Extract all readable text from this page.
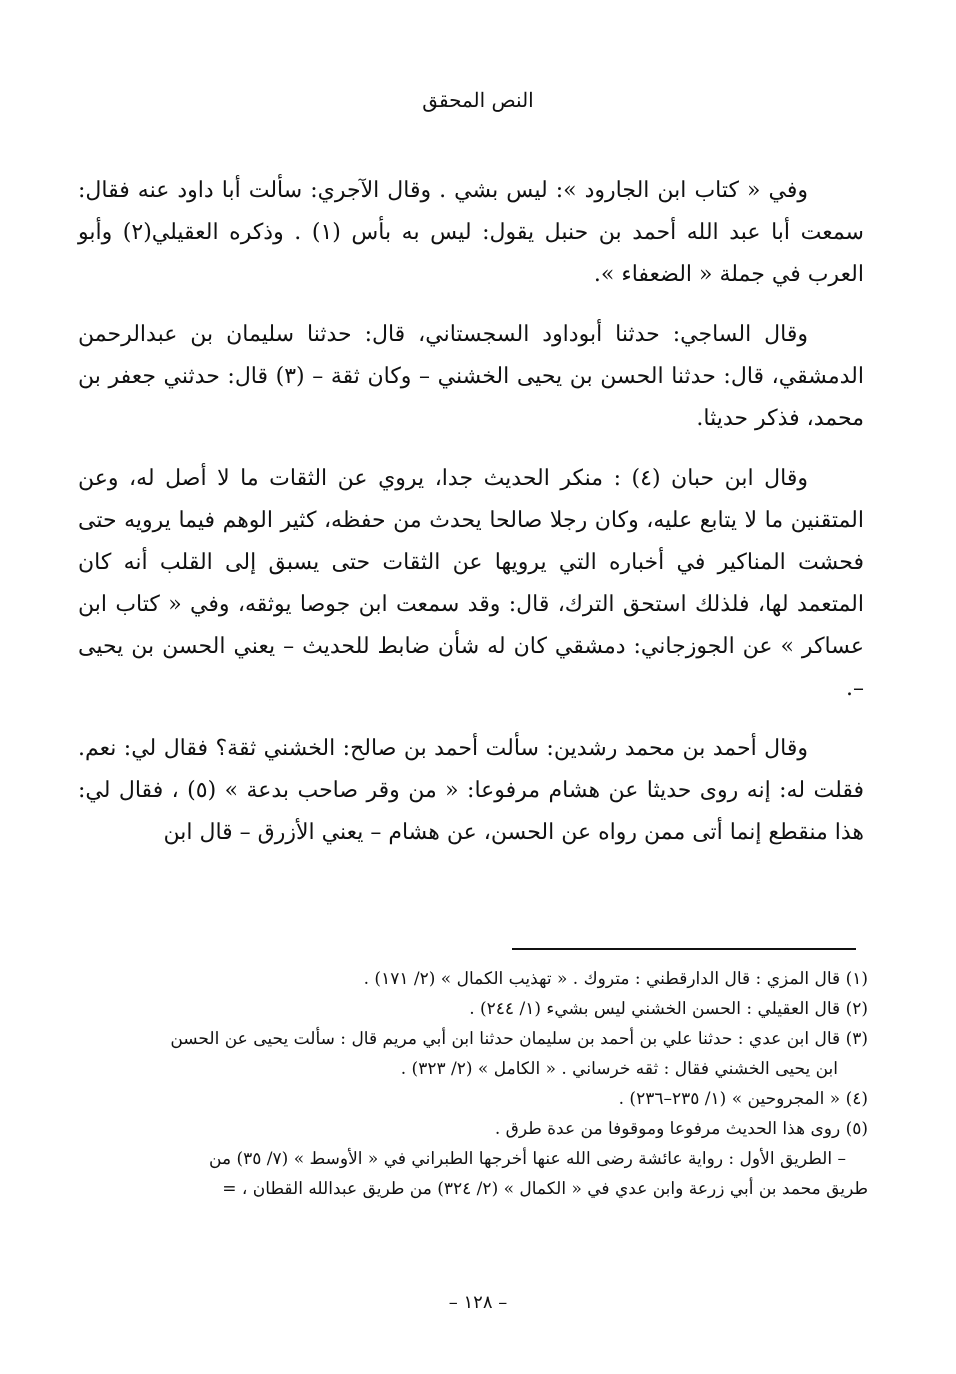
النص المحقق

وفي « كتاب ابن الجارود »: ليس بشي . وقال الآجري: سألت أبا داود عنه فقال: سمعت أبا عبد الله أحمد بن حنبل يقول: ليس به بأس (١) . وذكره العقيلي(٢) وأبو العرب في جملة « الضعفاء ».

وقال الساجي: حدثنا أبوداود السجستاني، قال: حدثنا سليمان بن عبدالرحمن الدمشقي، قال: حدثنا الحسن بن يحيى الخشني – وكان ثقة – (٣) قال: حدثني جعفر بن محمد، فذكر حديثا.

وقال ابن حبان (٤) : منكر الحديث جدا، يروي عن الثقات ما لا أصل له، وعن المتقنين ما لا يتابع عليه، وكان رجلا صالحا يحدث من حفظه، كثير الوهم فيما يرويه حتى فحشت المناكير في أخباره التي يرويها عن الثقات حتى يسبق إلى القلب أنه كان المتعمد لها، فلذلك استحق الترك، قال: وقد سمعت ابن جوصا يوثقه، وفي « كتاب ابن عساكر » عن الجوزجاني: دمشقي كان له شأن ضابط للحديث – يعني الحسن بن يحيى –.

وقال أحمد بن محمد رشدين: سألت أحمد بن صالح: الخشني ثقة؟ فقال لي: نعم. فقلت له: إنه روى حديثا عن هشام مرفوعا: « من وقر صاحب بدعة » (٥) ، فقال لي: هذا منقطع إنما أتى ممن رواه عن الحسن، عن هشام – يعني الأزرق – قال ابن

(١) قال المزي : قال الدارقطني : متروك . « تهذيب الكمال » (٢/ ١٧١) .

(٢) قال العقيلي : الحسن الخشني ليس بشيء (١/ ٢٤٤) .

(٣) قال ابن عدي : حدثنا علي بن أحمد بن سليمان حدثنا ابن أبي مريم قال : سألت يحيى عن الحسن

ابن يحيى الخشني فقال : ثقه خرساني . « الكامل » (٢/ ٣٢٣) .

(٤) « المجروحين » (١/ ٢٣٥–٢٣٦) .

(٥) روى هذا الحديث مرفوعا وموقوفا من عدة طرق .

– الطريق الأول : رواية عائشة رضى الله عنها أخرجها الطبراني في « الأوسط » (٧/ ٣٥) من

طريق محمد بن أبي زرعة وابن عدي في « الكمال » (٢/ ٣٢٤) من طريق عبدالله القطان ، =

– ١٢٨ –
